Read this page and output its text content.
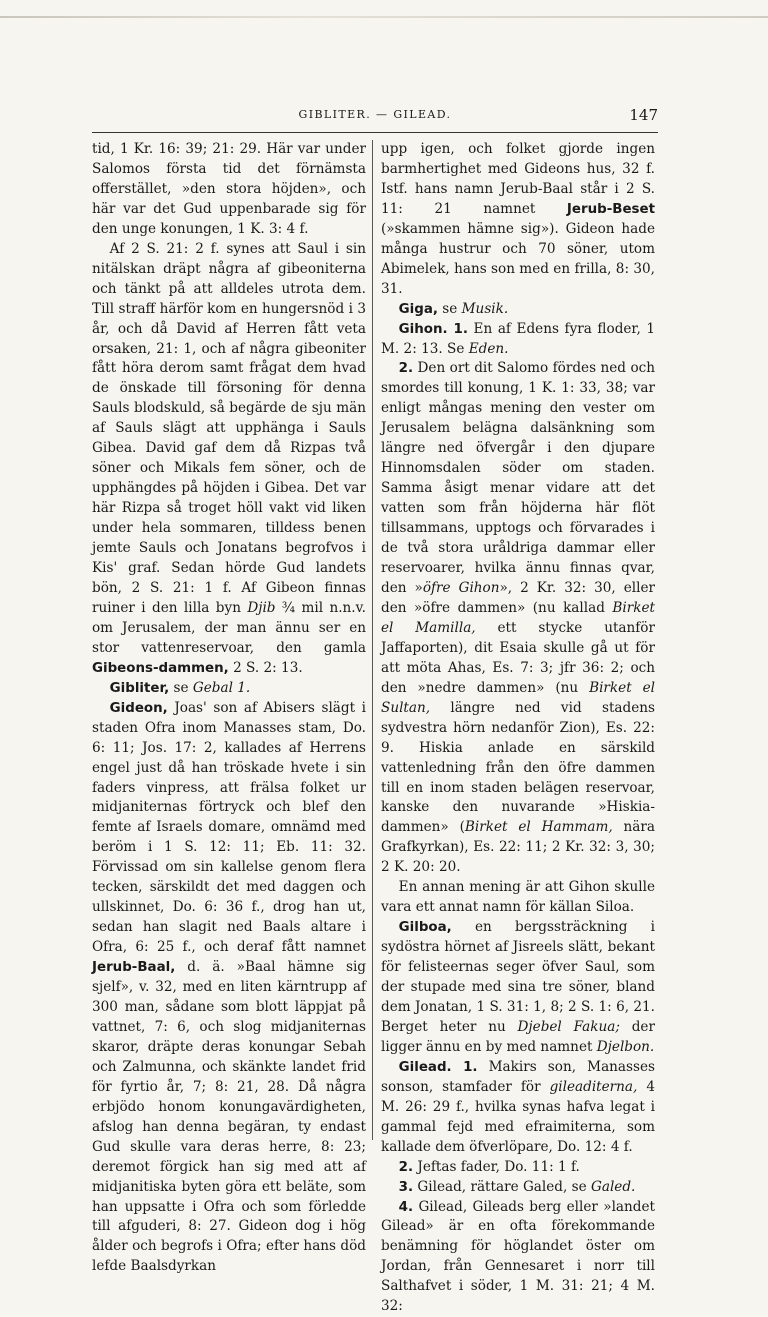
GIBLITER. — GILEAD.	147

tid, 1 Kr. 16: 39; 21: 29. Här var under Salomos första tid det förnämsta offerstället, »den stora höjden», och här var det Gud uppenbarade sig för den unge konungen, 1 K. 3: 4 f.

Af 2 S. 21: 2 f. synes att Saul i sin nitälskan dräpt några af gibeoniterna och tänkt på att alldeles utrota dem. Till straff härför kom en hungersnöd i 3 år, och då David af Herren fått veta orsaken, 21: 1, och af några gibeoniter fått höra derom samt frågat dem hvad de önskade till försoning för denna Sauls blodskuld, så begärde de sju män af Sauls slägt att upphänga i Sauls Gibea. David gaf dem då Rizpas två söner och Mikals fem söner, och de upphängdes på höjden i Gibea. Det var här Rizpa så troget höll vakt vid liken under hela sommaren, tilldess benen jemte Sauls och Jonatans begrofvos i Kis' graf. Sedan hörde Gud landets bön, 2 S. 21: 1 f. Af Gibeon finnas ruiner i den lilla byn Djib ¾ mil n.n.v. om Jerusalem, der man ännu ser en stor vattenreservoar, den gamla Gibeons-dammen, 2 S. 2: 13.

Gibliter, se Gebal 1.

Gideon, Joas' son af Abisers slägt i staden Ofra inom Manasses stam, Do. 6: 11; Jos. 17: 2, kallades af Herrens engel just då han tröskade hvete i sin faders vinpress, att frälsa folket ur midjaniternas förtryck och blef den femte af Israels domare, omnämd med beröm i 1 S. 12: 11; Eb. 11: 32. Förvissad om sin kallelse genom flera tecken, särskildt det med daggen och ullskinnet, Do. 6: 36 f., drog han ut, sedan han slagit ned Baals altare i Ofra, 6: 25 f., och deraf fått namnet Jerub-Baal, d. ä. »Baal hämne sig sjelf», v. 32, med en liten kärntrupp af 300 man, sådane som blott läppjat på vattnet, 7: 6, och slog midjaniternas skaror, dräpte deras konungar Sebah och Zalmunna, och skänkte landet frid för fyrtio år, 7; 8: 21, 28. Då några erbjödo honom konungavärdigheten, afslog han denna begäran, ty endast Gud skulle vara deras herre, 8: 23; deremot förgick han sig med att af midjanitiska byten göra ett beläte, som han uppsatte i Ofra och som förledde till afguderi, 8: 27. Gideon dog i hög ålder och begrofs i Ofra; efter hans död lefde Baalsdyrkan

upp igen, och folket gjorde ingen barmhertighet med Gideons hus, 32 f. Istf. hans namn Jerub-Baal står i 2 S. 11: 21 namnet Jerub-Beset (»skammen hämne sig»). Gideon hade många hustrur och 70 söner, utom Abimelek, hans son med en frilla, 8: 30, 31.

Giga, se Musik.

Gihon. 1. En af Edens fyra floder, 1 M. 2: 13. Se Eden.

2. Den ort dit Salomo fördes ned och smordes till konung, 1 K. 1: 33, 38; var enligt mångas mening den vester om Jerusalem belägna dalsänkning som längre ned öfvergår i den djupare Hinnomsdalen söder om staden. Samma åsigt menar vidare att det vatten som från höjderna här flöt tillsammans, upptogs och förvarades i de två stora uråldriga dammar eller reservoarer, hvilka ännu finnas qvar, den »öfre Gihon», 2 Kr. 32: 30, eller den »öfre dammen» (nu kallad Birket el Mamilla, ett stycke utanför Jaffaporten), dit Esaia skulle gå ut för att möta Ahas, Es. 7: 3; jfr 36: 2; och den »nedre dammen» (nu Birket el Sultan, längre ned vid stadens sydvestra hörn nedanför Zion), Es. 22: 9. Hiskia anlade en särskild vattenledning från den öfre dammen till en inom staden belägen reservoar, kanske den nuvarande »Hiskia-dammen» (Birket el Hammam, nära Grafkyrkan), Es. 22: 11; 2 Kr. 32: 3, 30; 2 K. 20: 20.

En annan mening är att Gihon skulle vara ett annat namn för källan Siloa.

Gilboa, en bergssträckning i sydöstra hörnet af Jisreels slätt, bekant för felisteernas seger öfver Saul, som der stupade med sina tre söner, bland dem Jonatan, 1 S. 31: 1, 8; 2 S. 1: 6, 21. Berget heter nu Djebel Fakua; der ligger ännu en by med namnet Djelbon.

Gilead. 1. Makirs son, Manasses sonson, stamfader för gileaditerna, 4 M. 26: 29 f., hvilka synas hafva legat i gammal fejd med efraimiterna, som kallade dem öfverlöpare, Do. 12: 4 f.

2. Jeftas fader, Do. 11: 1 f.

3. Gilead, rättare Galed, se Galed.

4. Gilead, Gileads berg eller »landet Gilead» är en ofta förekommande benämning för höglandet öster om Jordan, från Gennesaret i norr till Salthafvet i söder, 1 M. 31: 21; 4 M. 32:
